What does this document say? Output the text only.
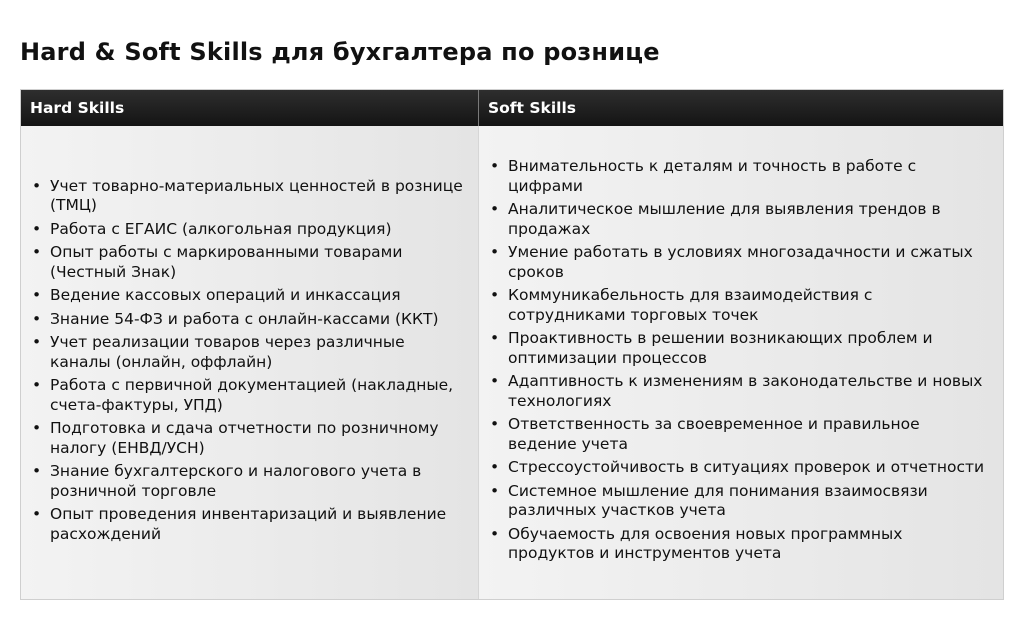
Hard & Soft Skills для бухгалтера по рознице
Hard Skills	Soft Skills
• Учет товарно-материальных ценностей в рознице (ТМЦ)
• Работа с ЕГАИС (алкогольная продукция)
• Опыт работы с маркированными товарами (Честный Знак)
• Ведение кассовых операций и инкассация
• Знание 54-ФЗ и работа с онлайн-кассами (ККТ)
• Учет реализации товаров через различные каналы (онлайн, оффлайн)
• Работа с первичной документацией (накладные, счета-фактуры, УПД)
• Подготовка и сдача отчетности по розничному налогу (ЕНВД/УСН)
• Знание бухгалтерского и налогового учета в розничной торговле
• Опыт проведения инвентаризаций и выявление расхождений
• Внимательность к деталям и точность в работе с цифрами
• Аналитическое мышление для выявления трендов в продажах
• Умение работать в условиях многозадачности и сжатых сроков
• Коммуникабельность для взаимодействия с сотрудниками торговых точек
• Проактивность в решении возникающих проблем и оптимизации процессов
• Адаптивность к изменениям в законодательстве и новых технологиях
• Ответственность за своевременное и правильное ведение учета
• Стрессоустойчивость в ситуациях проверок и отчетности
• Системное мышление для понимания взаимосвязи различных участков учета
• Обучаемость для освоения новых программных продуктов и инструментов учета
